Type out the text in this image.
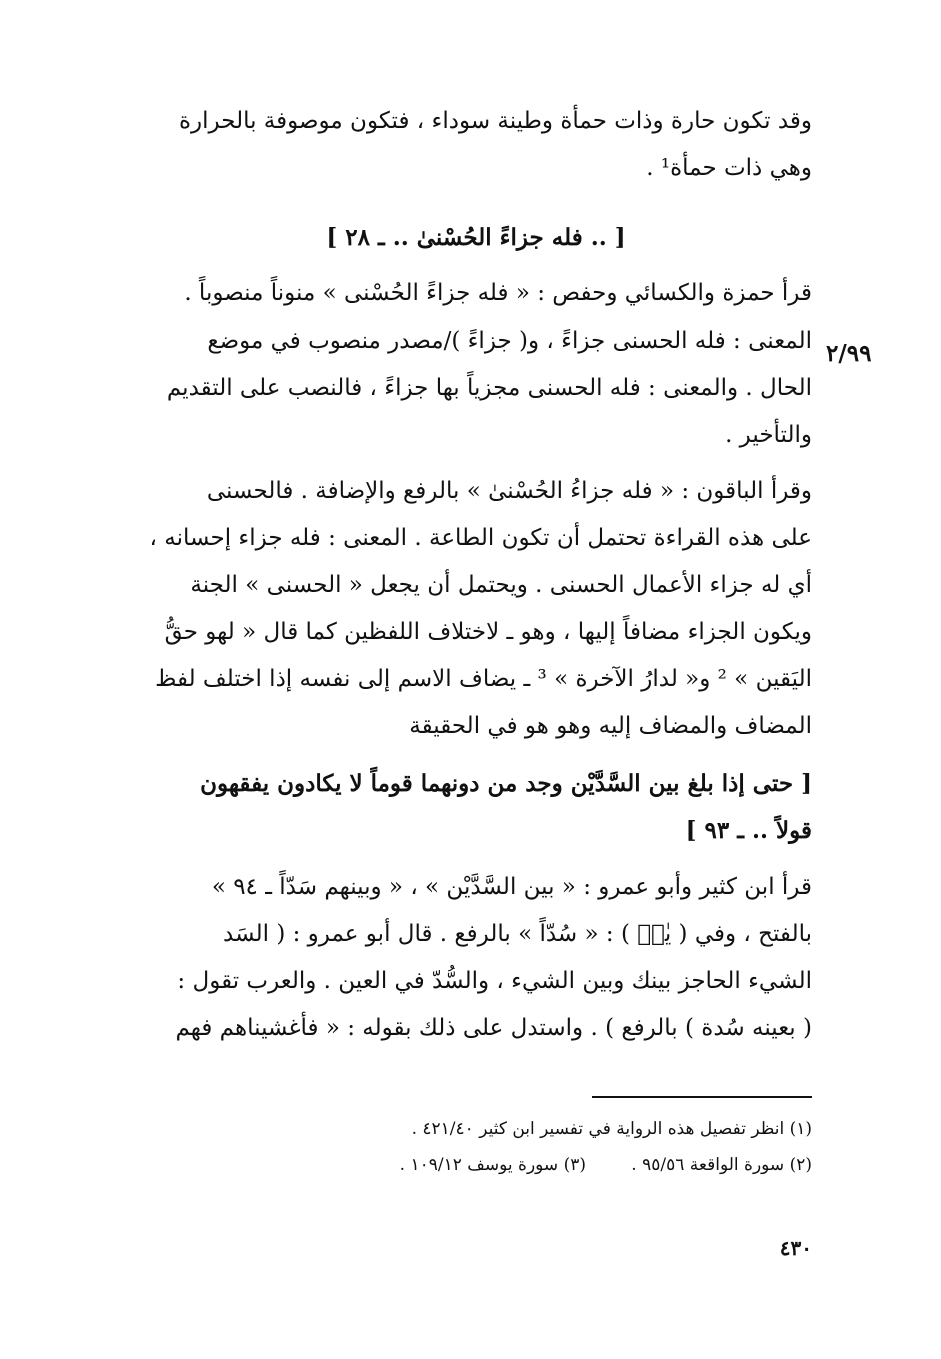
وقد تكون حارة وذات حمأة وطينة سوداء ، فتكون موصوفة بالحرارة
وهي ذات حمأة¹ .
[ .. فله جزاءً الحُسْنىٰ .. ـ ٢٨ ]
قرأ حمزة والكسائي وحفص : « فله جزاءً الحُسْنى » منوناً منصوباً .
٢/٩٩
المعنى : فله الحسنى جزاءً ، و( جزاءً )/مصدر منصوب في موضع
الحال . والمعنى : فله الحسنى مجزياً بها جزاءً ، فالنصب على التقديم
والتأخير .
وقرأ الباقون : « فله جزاءُ الحُسْنىٰ » بالرفع والإضافة . فالحسنى
على هذه القراءة تحتمل أن تكون الطاعة . المعنى : فله جزاء إحسانه ،
أي له جزاء الأعمال الحسنى . ويحتمل أن يجعل « الحسنى » الجنة
ويكون الجزاء مضافاً إليها ، وهو ـ لاختلاف اللفظين كما قال « لهو حقُّ
اليَقين » ² و« لدارُ الآخرة » ³ ـ يضاف الاسم إلى نفسه إذا اختلف لفظ
المضاف والمضاف إليه وهو هو في الحقيقة
[ حتى إذا بلغ بين السَّدَّيْن وجد من دونهما قوماً لا يكادون يفقهون
قولاً .. ـ ٩٣ ]
قرأ ابن كثير وأبو عمرو : « بين السَّدَّيْن » ، « وبينهم سَدّاً ـ ٩٤ »
بالفتح ، وفي ( يٰسۤ ) : « سُدّاً » بالرفع . قال أبو عمرو : ( السَد
الشيء الحاجز بينك وبين الشيء ، والسُّدّ في العين . والعرب تقول :
( بعينه سُدة ) بالرفع ) . واستدل على ذلك بقوله : « فأغشيناهم فهم
(١) انظر تفصيل هذه الرواية في تفسير ابن كثير ٤٢١/٤٠ .
(٢) سورة الواقعة ٩٥/٥٦ .
(٣) سورة يوسف ١٠٩/١٢ .
٤٣٠
